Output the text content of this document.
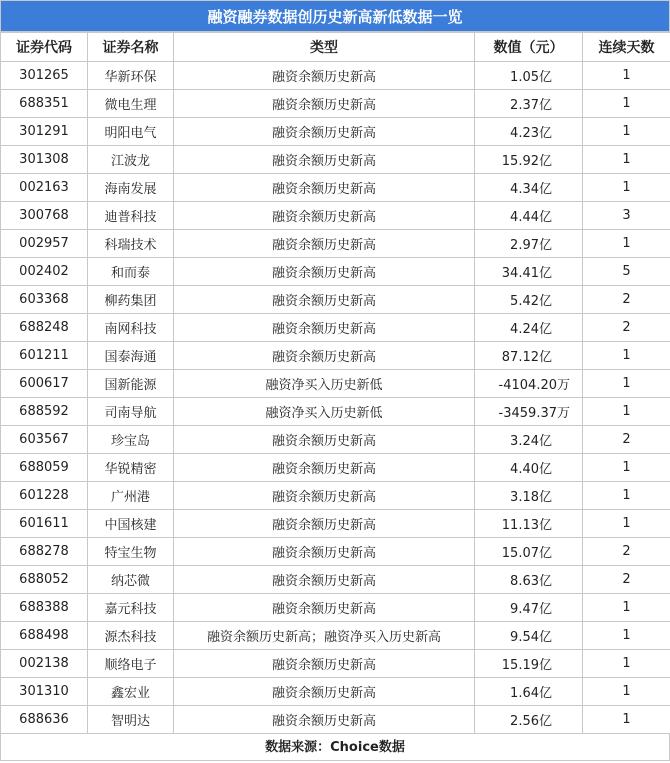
融资融券数据创历史新高新低数据一览
证券代码	证券名称	类型	数值（元）	连续天数
301265	华新环保	融资余额历史新高	1.05亿	1
688351	微电生理	融资余额历史新高	2.37亿	1
301291	明阳电气	融资余额历史新高	4.23亿	1
301308	江波龙	融资余额历史新高	15.92亿	1
002163	海南发展	融资余额历史新高	4.34亿	1
300768	迪普科技	融资余额历史新高	4.44亿	3
002957	科瑞技术	融资余额历史新高	2.97亿	1
002402	和而泰	融资余额历史新高	34.41亿	5
603368	柳药集团	融资余额历史新高	5.42亿	2
688248	南网科技	融资余额历史新高	4.24亿	2
601211	国泰海通	融资余额历史新高	87.12亿	1
600617	国新能源	融资净买入历史新低	-4104.20万	1
688592	司南导航	融资净买入历史新低	-3459.37万	1
603567	珍宝岛	融资余额历史新高	3.24亿	2
688059	华锐精密	融资余额历史新高	4.40亿	1
601228	广州港	融资余额历史新高	3.18亿	1
601611	中国核建	融资余额历史新高	11.13亿	1
688278	特宝生物	融资余额历史新高	15.07亿	2
688052	纳芯微	融资余额历史新高	8.63亿	2
688388	嘉元科技	融资余额历史新高	9.47亿	1
688498	源杰科技	融资余额历史新高；融资净买入历史新高	9.54亿	1
002138	顺络电子	融资余额历史新高	15.19亿	1
301310	鑫宏业	融资余额历史新高	1.64亿	1
688636	智明达	融资余额历史新高	2.56亿	1
数据来源：Choice数据
